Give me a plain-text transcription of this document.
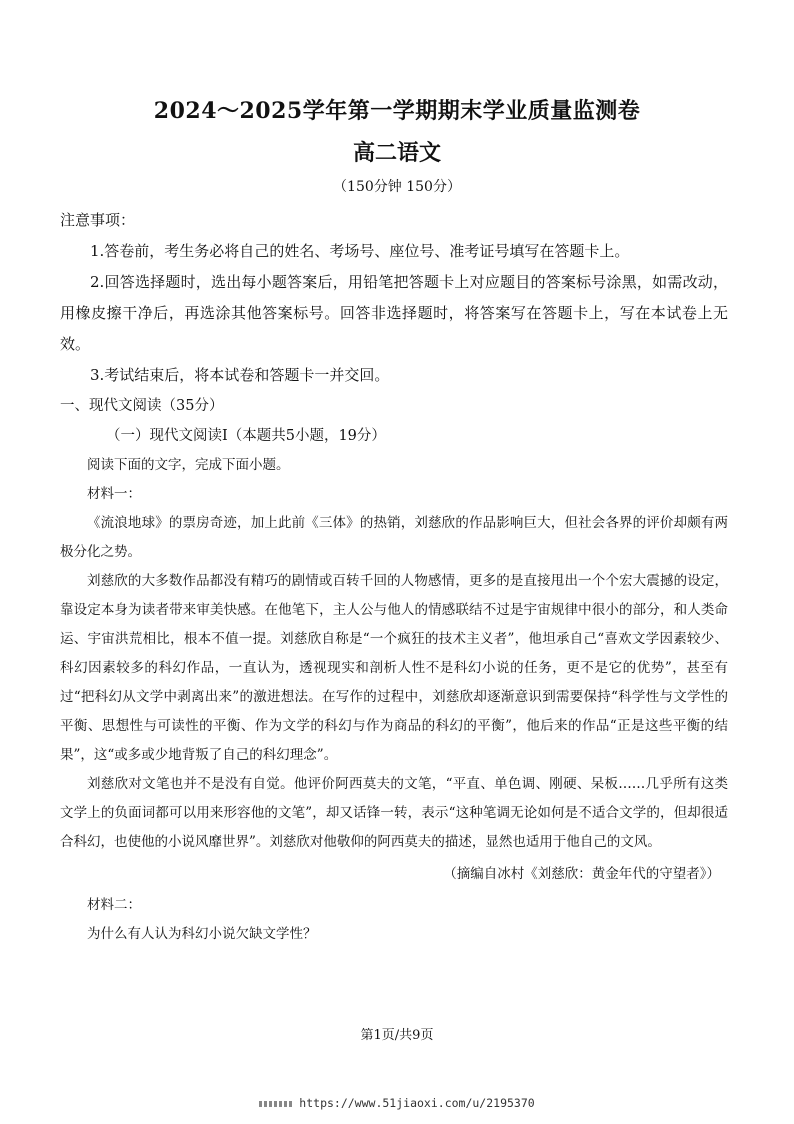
2024～2025学年第一学期期末学业质量监测卷
高二语文
（150分钟 150分）

注意事项：

1.答卷前，考生务必将自己的姓名、考场号、座位号、准考证号填写在答题卡上。

2.回答选择题时，选出每小题答案后，用铅笔把答题卡上对应题目的答案标号涂黑，如需改动，用橡皮擦干净后，再选涂其他答案标号。回答非选择题时，将答案写在答题卡上，写在本试卷上无效。

3.考试结束后，将本试卷和答题卡一并交回。

一、现代文阅读（35分）

（一）现代文阅读Ⅰ（本题共5小题，19分）

阅读下面的文字，完成下面小题。

材料一：

《流浪地球》的票房奇迹，加上此前《三体》的热销，刘慈欣的作品影响巨大，但社会各界的评价却颇有两极分化之势。

刘慈欣的大多数作品都没有精巧的剧情或百转千回的人物感情，更多的是直接甩出一个个宏大震撼的设定，靠设定本身为读者带来审美快感。在他笔下，主人公与他人的情感联结不过是宇宙规律中很小的部分，和人类命运、宇宙洪荒相比，根本不值一提。刘慈欣自称是“一个疯狂的技术主义者”，他坦承自己“喜欢文学因素较少、科幻因素较多的科幻作品，一直认为，透视现实和剖析人性不是科幻小说的任务，更不是它的优势”，甚至有过“把科幻从文学中剥离出来”的激进想法。在写作的过程中，刘慈欣却逐渐意识到需要保持“科学性与文学性的平衡、思想性与可读性的平衡、作为文学的科幻与作为商品的科幻的平衡”，他后来的作品“正是这些平衡的结果”，这“或多或少地背叛了自己的科幻理念”。

刘慈欣对文笔也并不是没有自觉。他评价阿西莫夫的文笔，“平直、单色调、刚硬、呆板……几乎所有这类文学上的负面词都可以用来形容他的文笔”，却又话锋一转，表示“这种笔调无论如何是不适合文学的，但却很适合科幻，也使他的小说风靡世界”。刘慈欣对他敬仰的阿西莫夫的描述，显然也适用于他自己的文风。

（摘编自冰村《刘慈欣：黄金年代的守望者》）

材料二：

为什么有人认为科幻小说欠缺文学性？

第1页/共9页
https://www.51jiaoxi.com/u/2195370
